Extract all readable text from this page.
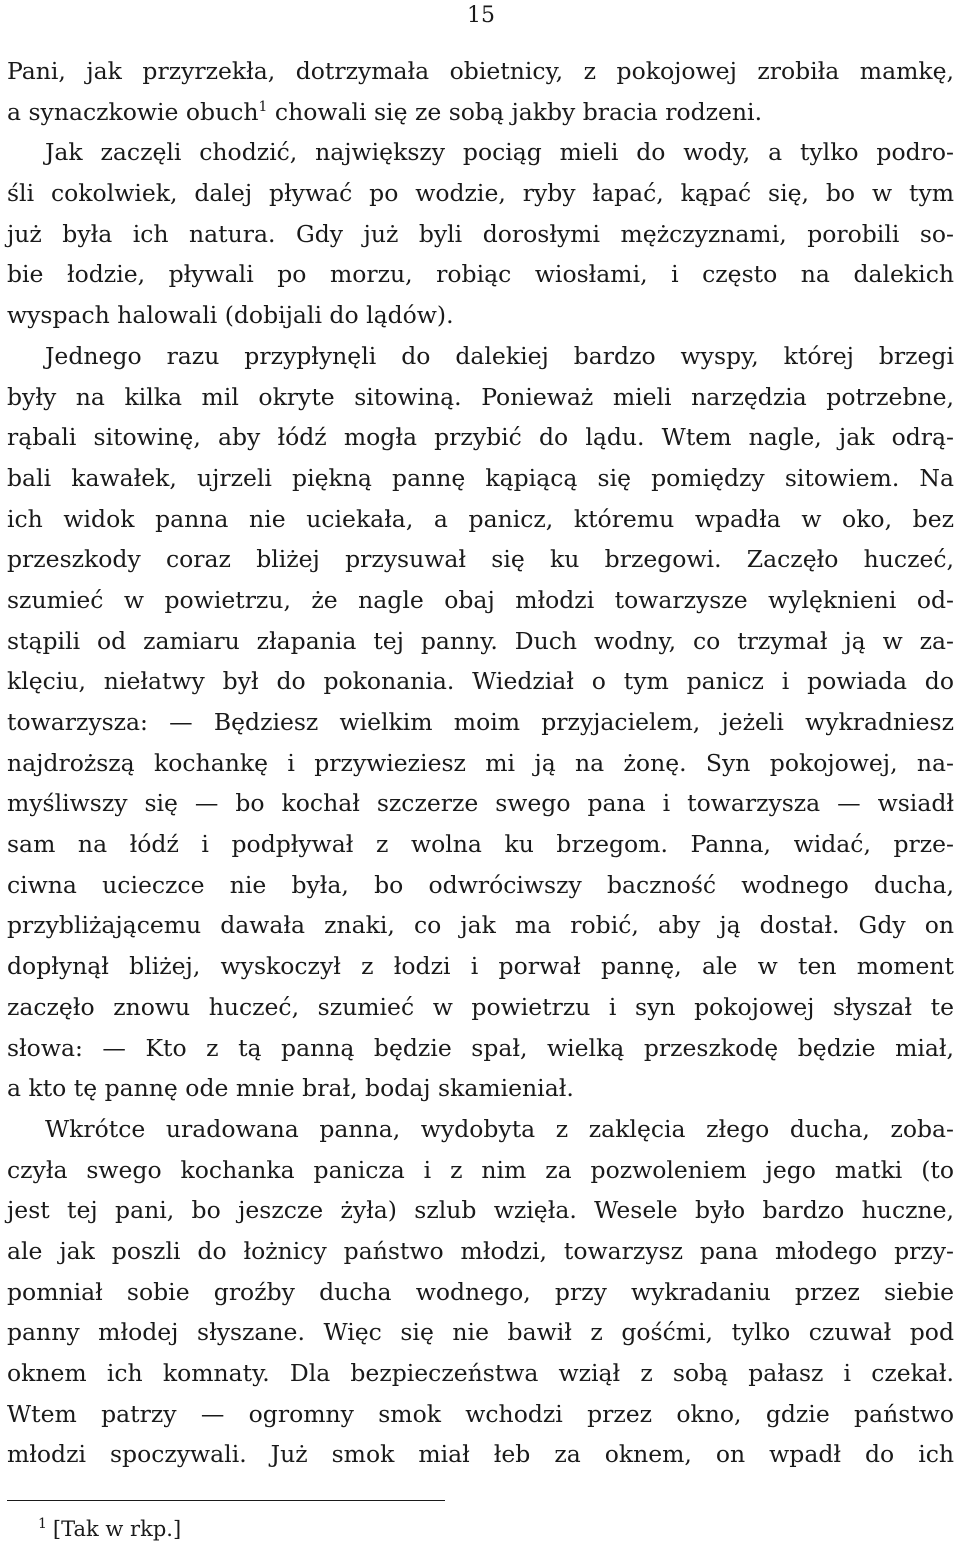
15
Pani, jak przyrzekła, dotrzymała obietnicy, z pokojowej zrobiła mamkę,
a synaczkowie obuch$^1$ chowali się ze sobą jakby bracia rodzeni.
Jak zaczęli chodzić, największy pociąg mieli do wody, a tylko podro-
śli cokolwiek, dalej pływać po wodzie, ryby łapać, kąpać się, bo w tym
już była ich natura. Gdy już byli dorosłymi mężczyznami, porobili so-
bie łodzie, pływali po morzu, robiąc wiosłami, i często na dalekich
wyspach halowali (dobijali do lądów).
Jednego razu przypłynęli do dalekiej bardzo wyspy, której brzegi
były na kilka mil okryte sitowiną. Ponieważ mieli narzędzia potrzebne,
rąbali sitowinę, aby łódź mogła przybić do lądu. Wtem nagle, jak odrą-
bali kawałek, ujrzeli piękną pannę kąpiącą się pomiędzy sitowiem. Na
ich widok panna nie uciekała, a panicz, któremu wpadła w oko, bez
przeszkody coraz bliżej przysuwał się ku brzegowi. Zaczęło huczeć,
szumieć w powietrzu, że nagle obaj młodzi towarzysze wylęknieni od-
stąpili od zamiaru złapania tej panny. Duch wodny, co trzymał ją w za-
klęciu, niełatwy był do pokonania. Wiedział o tym panicz i powiada do
towarzysza: — Będziesz wielkim moim przyjacielem, jeżeli wykradniesz
najdroższą kochankę i przywieziesz mi ją na żonę. Syn pokojowej, na-
myśliwszy się — bo kochał szczerze swego pana i towarzysza — wsiadł
sam na łódź i podpływał z wolna ku brzegom. Panna, widać, prze-
ciwna ucieczce nie była, bo odwróciwszy baczność wodnego ducha,
przybliżającemu dawała znaki, co jak ma robić, aby ją dostał. Gdy on
dopłynął bliżej, wyskoczył z łodzi i porwał pannę, ale w ten moment
zaczęło znowu huczeć, szumieć w powietrzu i syn pokojowej słyszał te
słowa: — Kto z tą panną będzie spał, wielką przeszkodę będzie miał,
a kto tę pannę ode mnie brał, bodaj skamieniał.
Wkrótce uradowana panna, wydobyta z zaklęcia złego ducha, zoba-
czyła swego kochanka panicza i z nim za pozwoleniem jego matki (to
jest tej pani, bo jeszcze żyła) szlub wzięła. Wesele było bardzo huczne,
ale jak poszli do łożnicy państwo młodzi, towarzysz pana młodego przy-
pomniał sobie groźby ducha wodnego, przy wykradaniu przez siebie
panny młodej słyszane. Więc się nie bawił z gośćmi, tylko czuwał pod
oknem ich komnaty. Dla bezpieczeństwa wziął z sobą pałasz i czekał.
Wtem patrzy — ogromny smok wchodzi przez okno, gdzie państwo
młodzi spoczywali. Już smok miał łeb za oknem, on wpadł do ich
$^1$ [Tak w rkp.]
